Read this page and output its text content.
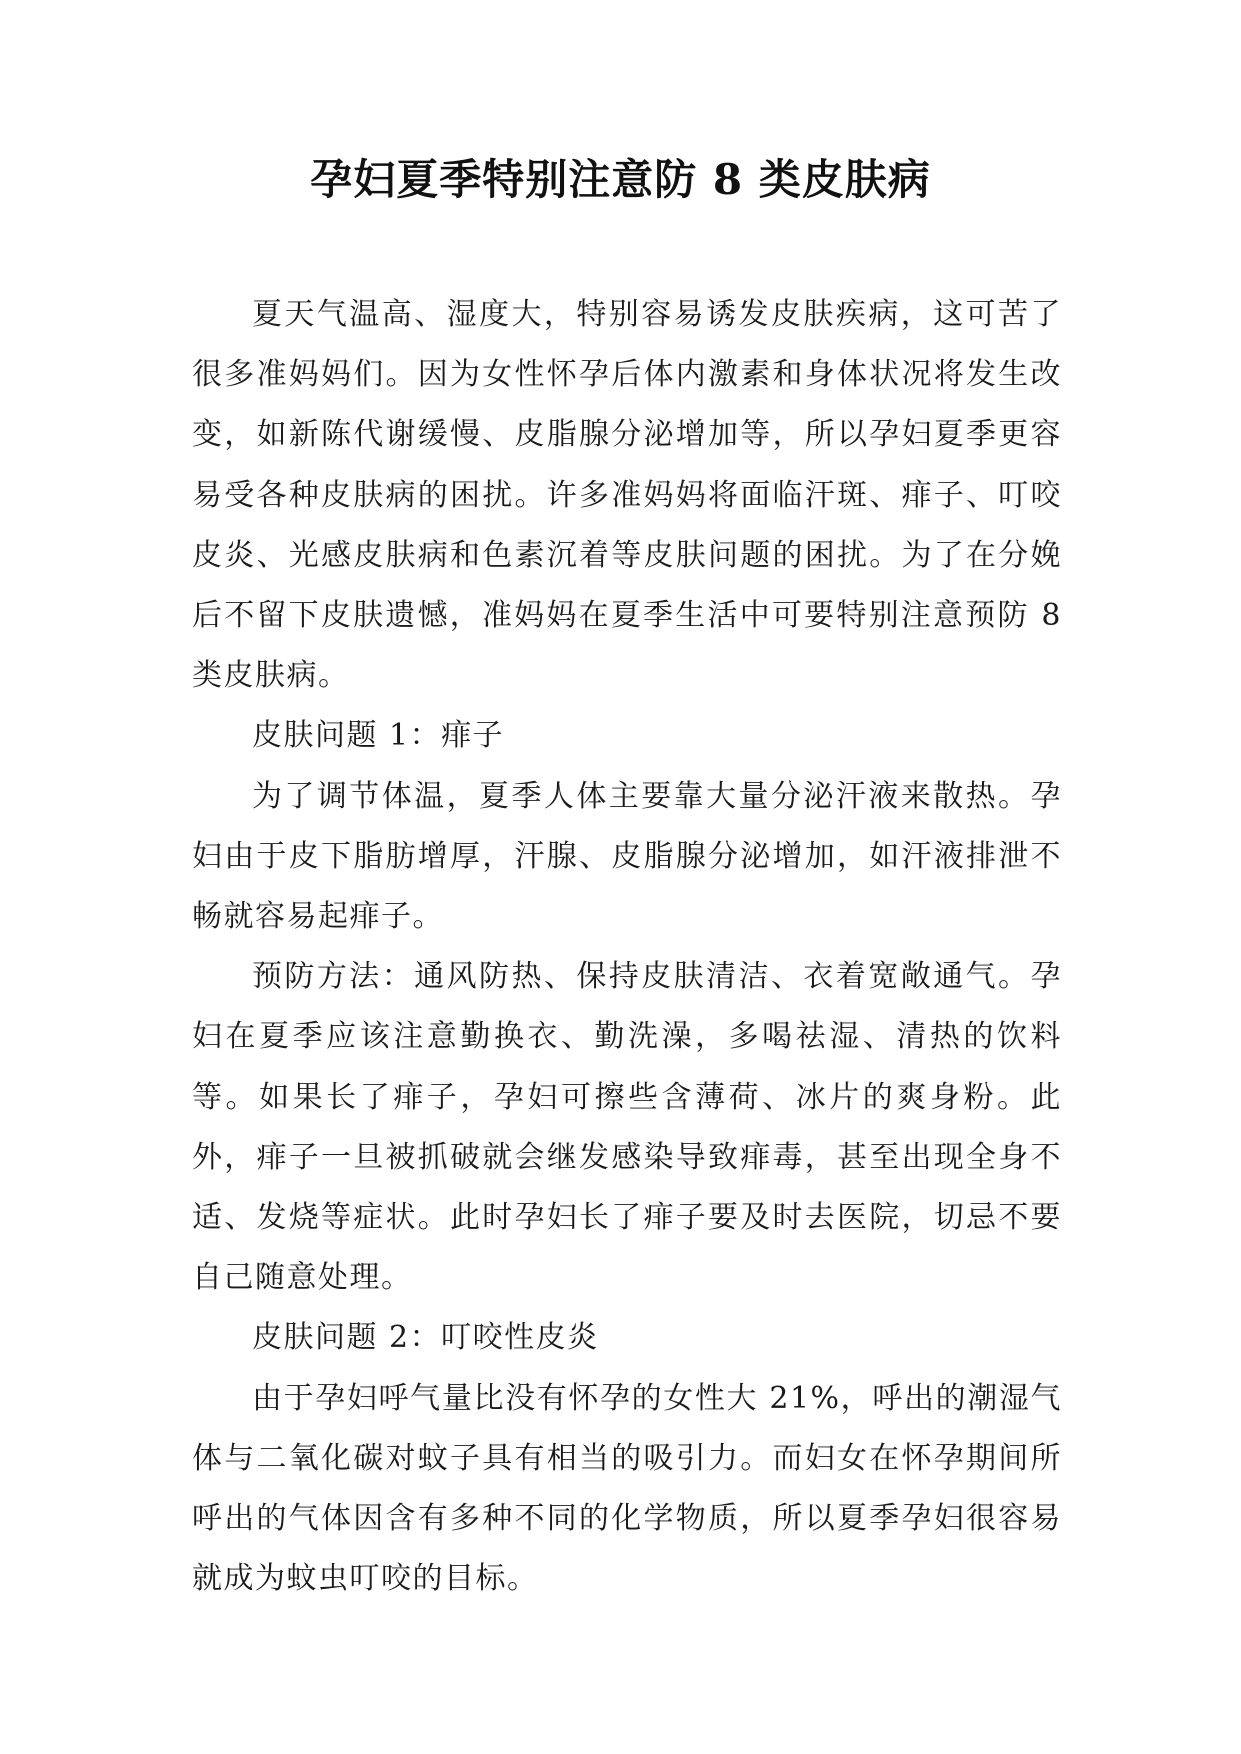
孕妇夏季特别注意防 8 类皮肤病

夏天气温高、湿度大，特别容易诱发皮肤疾病，这可苦了很多准妈妈们。因为女性怀孕后体内激素和身体状况将发生改变，如新陈代谢缓慢、皮脂腺分泌增加等，所以孕妇夏季更容易受各种皮肤病的困扰。许多准妈妈将面临汗斑、痱子、叮咬皮炎、光感皮肤病和色素沉着等皮肤问题的困扰。为了在分娩后不留下皮肤遗憾，准妈妈在夏季生活中可要特别注意预防 8 类皮肤病。

皮肤问题 1：痱子

为了调节体温，夏季人体主要靠大量分泌汗液来散热。孕妇由于皮下脂肪增厚，汗腺、皮脂腺分泌增加，如汗液排泄不畅就容易起痱子。

预防方法：通风防热、保持皮肤清洁、衣着宽敞通气。孕妇在夏季应该注意勤换衣、勤洗澡，多喝祛湿、清热的饮料等。如果长了痱子，孕妇可擦些含薄荷、冰片的爽身粉。此外，痱子一旦被抓破就会继发感染导致痱毒，甚至出现全身不适、发烧等症状。此时孕妇长了痱子要及时去医院，切忌不要自己随意处理。

皮肤问题 2：叮咬性皮炎

由于孕妇呼气量比没有怀孕的女性大 21%，呼出的潮湿气体与二氧化碳对蚊子具有相当的吸引力。而妇女在怀孕期间所呼出的气体因含有多种不同的化学物质，所以夏季孕妇很容易就成为蚊虫叮咬的目标。
